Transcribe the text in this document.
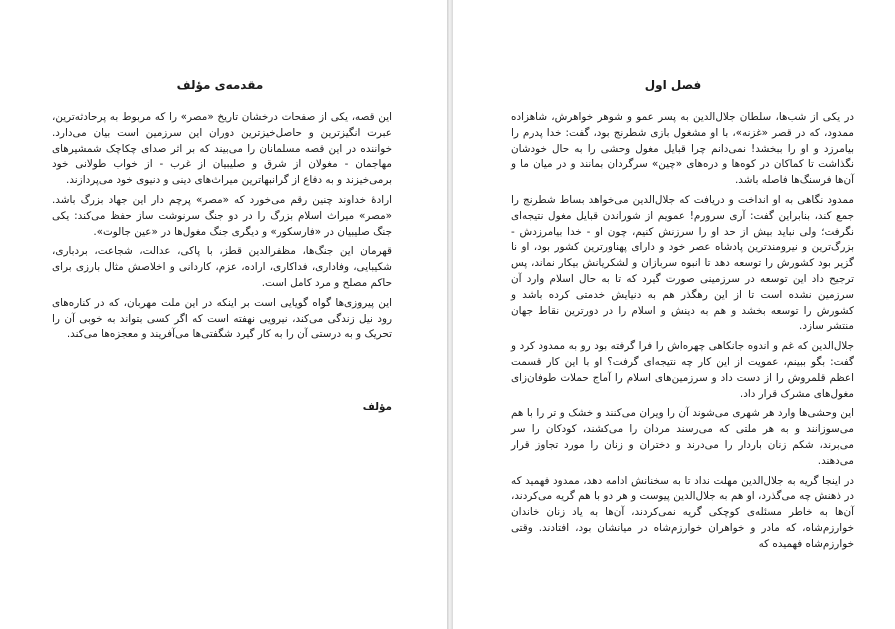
مقدمه‌ی مؤلف

این قصه، یکی از صفحات درخشان تاریخ «مصر» را که مربوط به پرحادثه‌ترین، عبرت انگیزترین و حاصل‌خیزترین دوران این سرزمین است بیان می‌دارد. خواننده در این قصه مسلمانان را می‌بیند که بر اثر صدای چکاچک شمشیرهای مهاجمان - مغولان از شرق و صلیبیان از غرب - از خواب طولانی خود برمی‌خیزند و به دفاع از گرانبهاترین میراث‌های دینی و دنیوی خود می‌پردازند.

ارادهٔ خداوند چنین رقم می‌خورد که «مصر» پرچم دار این جهاد بزرگ باشد. «مصر» میراث اسلام بزرگ را در دو جنگ سرنوشت ساز حفظ می‌کند: یکی جنگ صلیبیان در «فارسکور» و دیگری جنگ مغول‌ها در «عین جالوت».

قهرمان این جنگ‌ها، مظفرالدین قطز، با پاکی، عدالت، شجاعت، بردباری، شکیبایی، وفاداری، فداکاری، اراده، عزم، کاردانی و اخلاصش مثال بارزی برای حاکم مصلح و مرد کامل است.

این پیروزی‌ها گواه گویایی است بر اینکه در این ملت مهربان، که در کناره‌های رود نیل زندگی می‌کند، نیرویی نهفته است که اگر کسی بتواند به خوبی آن را تحریک و به درستی آن را به کار گیرد شگفتی‌ها می‌آفریند و معجزه‌ها می‌کند.

مؤلف
فصل اول

در یکی از شب‌ها، سلطان جلال‌الدین به پسر عمو و شوهر خواهرش، شاهزاده ممدود، که در قصر «غزنه»، با او مشغول بازی شطرنج بود، گفت: خدا پدرم را بیامرزد و او را ببخشد! نمی‌دانم چرا قبایل مغول وحشی را به حال خودشان نگذاشت تا کماکان در کوه‌ها و دره‌های «چین» سرگردان بمانند و در میان ما و آن‌ها فرسنگ‌ها فاصله باشد.

ممدود نگاهی به او انداخت و دریافت که جلال‌الدین می‌خواهد بساط شطرنج را جمع کند، بنابراین گفت: آری سرورم! عمویم از شوراندن قبایل مغول نتیجه‌ای نگرفت؛ ولی نباید بیش از حد او را سرزنش کنیم، چون او - خدا بیامرزدش - بزرگ‌ترین و نیرومندترین پادشاه عصر خود و دارای پهناورترین کشور بود، او نا گزیر بود کشورش را توسعه دهد تا انبوه سربازان و لشکریانش بیکار نماند، پس ترجیح داد این توسعه در سرزمینی صورت گیرد که تا به حال اسلام وارد آن سرزمین نشده است تا از این رهگذر هم به دنیایش خدمتی کرده باشد و کشورش را توسعه بخشد و هم به دینش و اسلام را در دورترین نقاط جهان منتشر سازد.

جلال‌الدین که غم و اندوه جانکاهی چهره‌اش را فرا گرفته بود رو به ممدود کرد و گفت: بگو ببینم، عمویت از این کار چه نتیجه‌ای گرفت؟ او با این کار قسمت اعظم قلمروش را از دست داد و سرزمین‌های اسلام را آماج حملات طوفان‌زای مغول‌های مشرک قرار داد.

این وحشی‌ها وارد هر شهری می‌شوند آن را ویران می‌کنند و خشک و تر را با هم می‌سوزانند و به هر ملتی که می‌رسند مردان را می‌کشند، کودکان را سر می‌برند، شکم زنان باردار را می‌درند و دختران و زنان را مورد تجاوز قرار می‌دهند.

در اینجا گریه به جلال‌الدین مهلت نداد تا به سخنانش ادامه دهد، ممدود فهمید که در ذهنش چه می‌گذرد، او هم به جلال‌الدین پیوست و هر دو با هم گریه می‌کردند، آن‌ها به خاطر مسئله‌ی کوچکی گریه نمی‌کردند، آن‌ها به یاد زنان خاندان خوارزم‌شاه، که مادر و خواهران خوارزم‌شاه در میانشان بود، افتادند. وقتی خوارزم‌شاه فهمیده که
